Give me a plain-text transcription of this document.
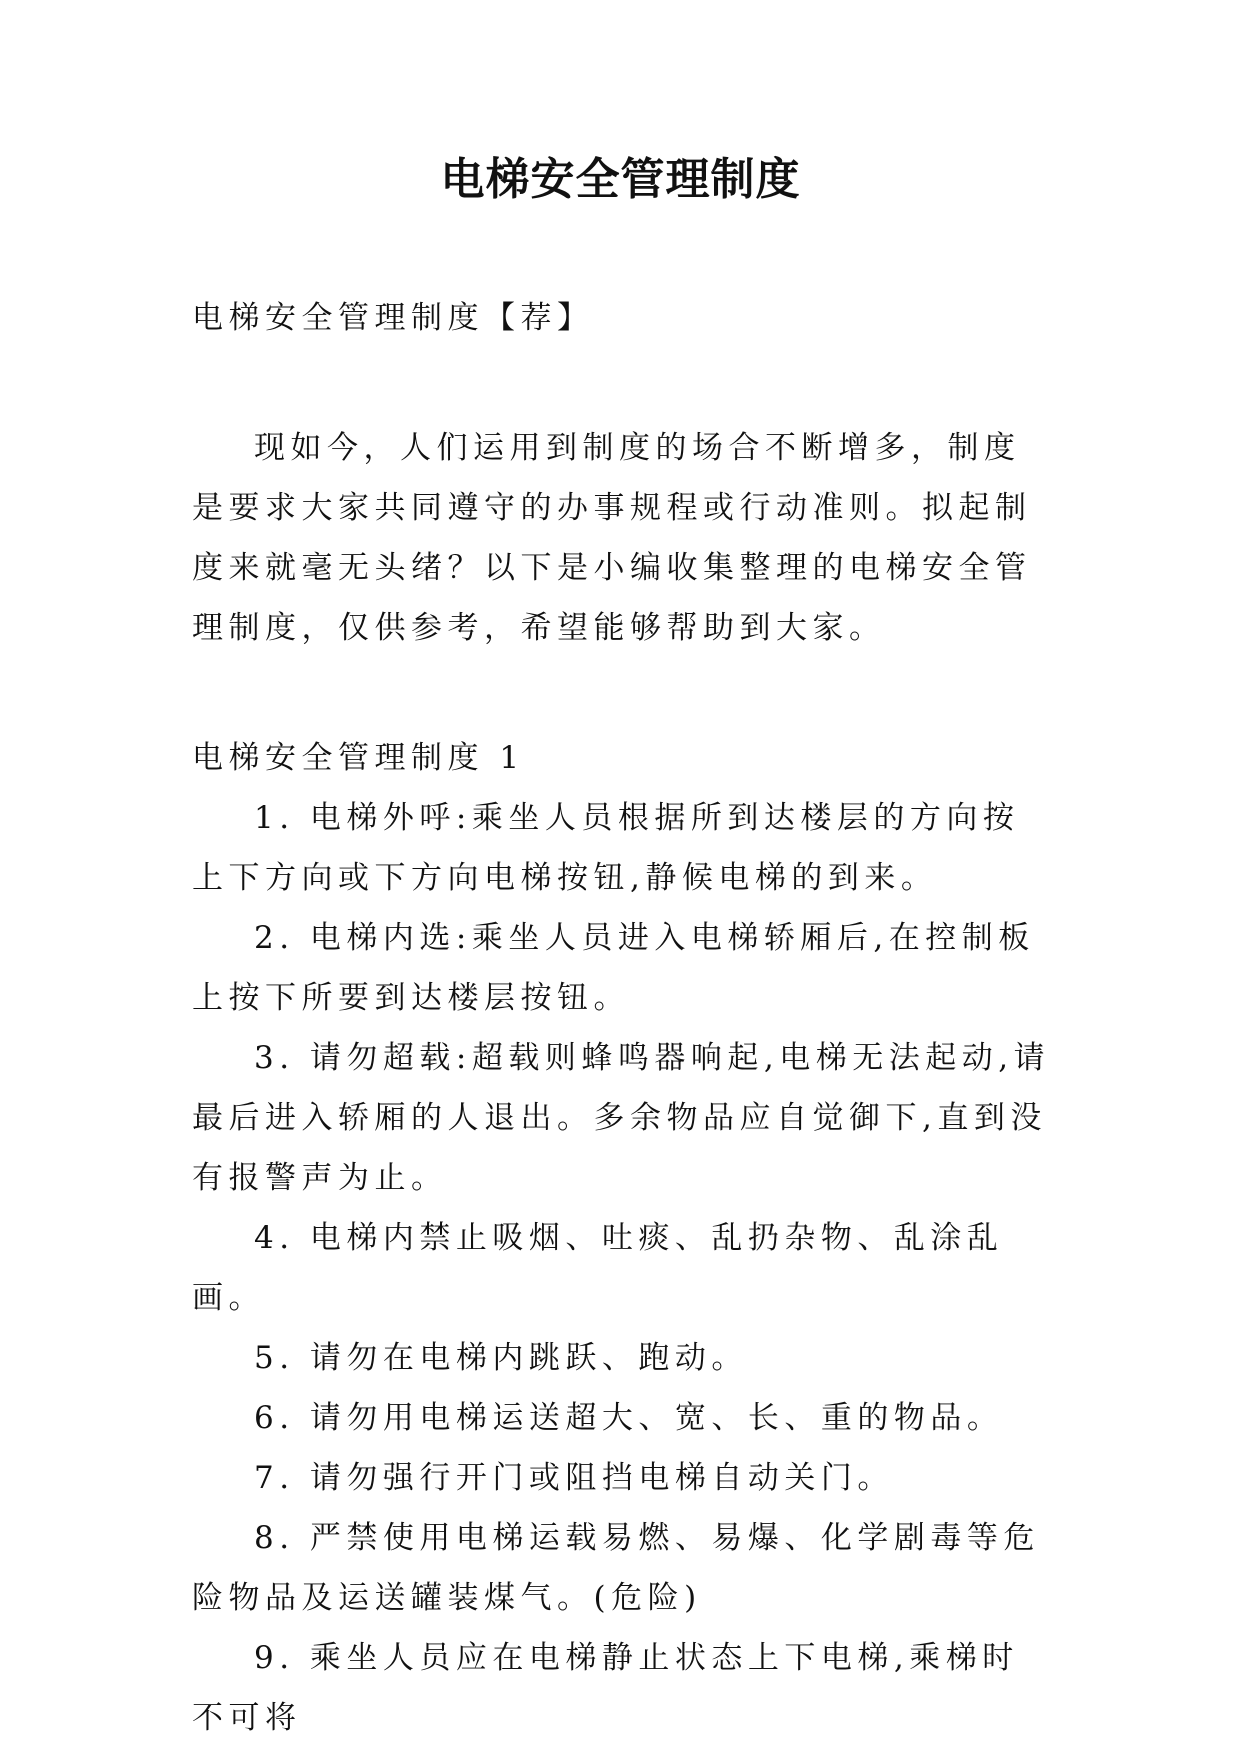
电梯安全管理制度

电梯安全管理制度【荐】

现如今，人们运用到制度的场合不断增多，制度是要求大家共同遵守的办事规程或行动准则。拟起制度来就毫无头绪？以下是小编收集整理的电梯安全管理制度，仅供参考，希望能够帮助到大家。

电梯安全管理制度 1

1. 电梯外呼:乘坐人员根据所到达楼层的方向按上下方向或下方向电梯按钮,静候电梯的到来。

2. 电梯内选:乘坐人员进入电梯轿厢后,在控制板上按下所要到达楼层按钮。

3. 请勿超载:超载则蜂鸣器响起,电梯无法起动,请最后进入轿厢的人退出。多余物品应自觉御下,直到没有报警声为止。

4. 电梯内禁止吸烟、吐痰、乱扔杂物、乱涂乱画。

5. 请勿在电梯内跳跃、跑动。

6. 请勿用电梯运送超大、宽、长、重的物品。

7. 请勿强行开门或阻挡电梯自动关门。

8. 严禁使用电梯运载易燃、易爆、化学剧毒等危险物品及运送罐装煤气。(危险)

9. 乘坐人员应在电梯静止状态上下电梯,乘梯时不可将
